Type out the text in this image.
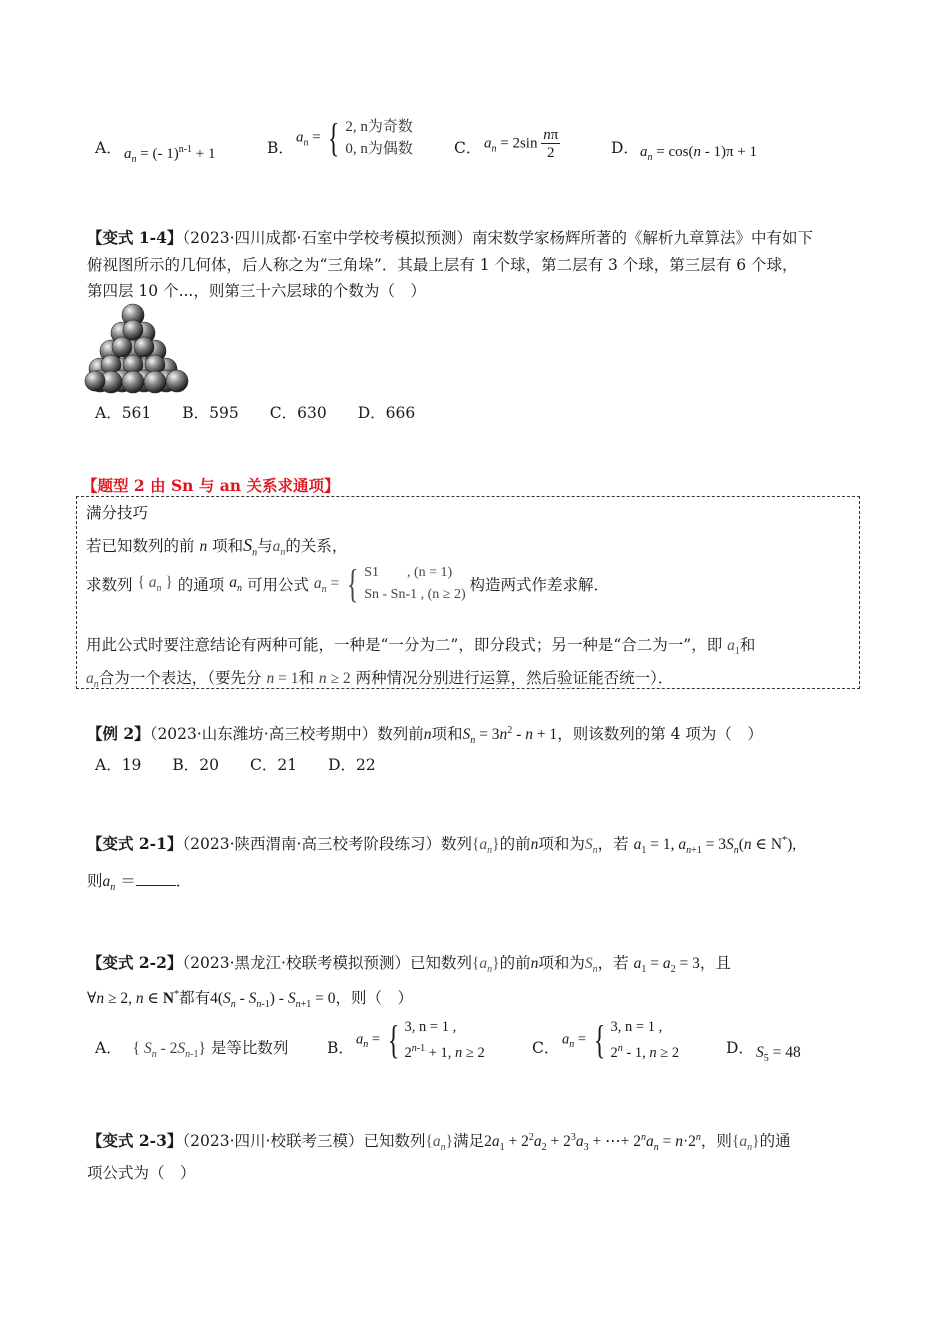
A． $a_n$ = (- 1)$^{n-1}$ + 1	B．
$a_n$ = { 2, n为奇数
0, n为偶数	C． $a_n = 2\sin \frac{n\pi}{2}$	D． $a_n = \cos(n - 1)\pi + 1$
【变式 1-4】（2023·四川成都·石室中学校考模拟预测）南宋数学家杨辉所著的《解析九章算法》中有如下
俯视图所示的几何体，后人称之为“三角垛”．其最上层有 1 个球，第二层有 3 个球，第三层有 6 个球，
第四层 10 个...，则第三十六层球的个数为（　）
A．561　　B．595　　C．630　　D．666
【题型 2 由 Sn 与 an 关系求通项】
满分技巧
若已知数列的前 n 项和$S_n$与$a_n$的关系，
求数列 { $a_n$ } 的通项 $a_n$ 可用公式 $a_n$ = { S1　　, (n = 1)
Sn - Sn-1 , (n ≥ 2) 构造两式作差求解．
用此公式时要注意结论有两种可能，一种是“一分为二”，即分段式；另一种是“合二为一”，即 $a_1$和
$a_n$合为一个表达，（要先分 n = 1和 n ≥ 2 两种情况分别进行运算，然后验证能否统一）．
【例 2】（2023·山东潍坊·高三校考期中）数列前n项和$S_n = 3n^2 - n + 1$，则该数列的第 4 项为（　）
A．19　　B．20　　C．21　　D．22
【变式 2-1】（2023·陕西渭南·高三校考阶段练习）数列$\{a_n\}$的前n项和为$S_n$，若 $a_1 = 1$, $a_{n+1} = 3S_n(n$ ∈ N*),
则$a_n$ ＝	．
【变式 2-2】（2023·黑龙江·校联考模拟预测）已知数列$\{a_n\}$的前n项和为$S_n$，若 $a_1 = a_2 = 3$，且
∀n ≥ 2, n ∈ N*都有$4(S_n - S_{n-1}) - S_{n+1} = 0$，则（　）
A． { $S_n - 2S_{n-1}$} 是等比数列 B． $a_n$ = { 3, n = 1 ,
$2^{n-1} + 1$, n ≥ 2	C． $a_n$ = { 3, n = 1 ,
2$^n$ - 1, n ≥ 2	D． $S_5 = 48$
【变式 2-3】（2023·四川·校联考三模）已知数列$\{a_n\}$满足$2a_1 + 2^2a_2 + 2^3a_3$ + ⋯+ $2^na_n = n\cdot 2^n$，则$\{a_n\}$的通
项公式为（　）
